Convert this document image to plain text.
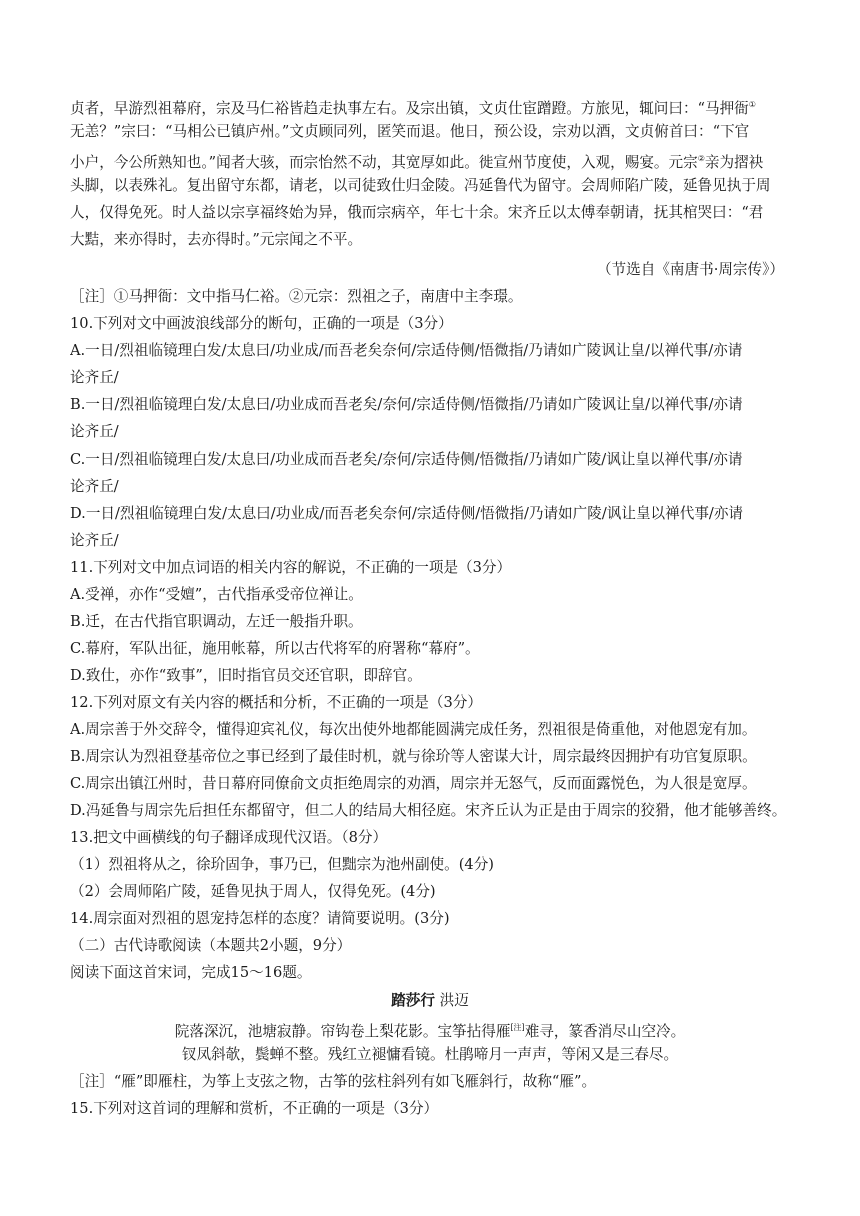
贞者，早游烈祖幕府，宗及马仁裕皆趋走执事左右。及宗出镇，文贞仕宦蹭蹬。方旅见，辄问曰：“马押衙①
无恙？”宗曰：“马相公已镇庐州。”文贞顾同列，匿笑而退。他日，预公设，宗劝以酒，文贞俯首曰：“下官
小户，今公所熟知也。”闻者大骇，而宗怡然不动，其宽厚如此。徙宣州节度使，入观，赐宴。元宗②亲为摺袂
头脚，以表殊礼。复出留守东都，请老，以司徒致仕归金陵。冯延鲁代为留守。会周师陷广陵，延鲁见执于周
人，仅得免死。时人益以宗享福终始为异，俄而宗病卒，年七十余。宋齐丘以太傅奉朝请，抚其棺哭曰：“君
大黠，来亦得时，去亦得时。”元宗闻之不平。
（节选自《南唐书·周宗传》）
［注］①马押衙：文中指马仁裕。②元宗：烈祖之子，南唐中主李璟。
10.下列对文中画波浪线部分的断句，正确的一项是（3分）
A.一日/烈祖临镜理白发/太息曰/功业成/而吾老矣奈何/宗适侍侧/悟微指/乃请如广陵讽让皇/以禅代事/亦请
论齐丘/
B.一日/烈祖临镜理白发/太息曰/功业成而吾老矣/奈何/宗适侍侧/悟微指/乃请如广陵讽让皇/以禅代事/亦请
论齐丘/
C.一日/烈祖临镜理白发/太息曰/功业成而吾老矣/奈何/宗适侍侧/悟微指/乃请如广陵/讽让皇以禅代事/亦请
论齐丘/
D.一日/烈祖临镜理白发/太息曰/功业成/而吾老矣奈何/宗适侍侧/悟微指/乃请如广陵/讽让皇以禅代事/亦请
论齐丘/
11.下列对文中加点词语的相关内容的解说，不正确的一项是（3分）
A.受禅，亦作“受嬗”，古代指承受帝位禅让。
B.迁，在古代指官职调动，左迁一般指升职。
C.幕府，军队出征，施用帐幕，所以古代将军的府署称“幕府”。
D.致仕，亦作“致事”，旧时指官员交还官职，即辞官。
12.下列对原文有关内容的概括和分析，不正确的一项是（3分）
A.周宗善于外交辞令，懂得迎宾礼仪，每次出使外地都能圆满完成任务，烈祖很是倚重他，对他恩宠有加。
B.周宗认为烈祖登基帝位之事已经到了最佳时机，就与徐玠等人密谋大计，周宗最终因拥护有功官复原职。
C.周宗出镇江州时，昔日幕府同僚俞文贞拒绝周宗的劝酒，周宗并无怒气，反而面露悦色，为人很是宽厚。
D.冯延鲁与周宗先后担任东都留守，但二人的结局大相径庭。宋齐丘认为正是由于周宗的狡猾，他才能够善终。
13.把文中画横线的句子翻译成现代汉语。（8分）
（1）烈祖将从之，徐玠固争，事乃已，但黜宗为池州副使。(4分)
（2）会周师陷广陵，延鲁见执于周人，仅得免死。(4分)
14.周宗面对烈祖的恩宠持怎样的态度？请简要说明。(3分)
（二）古代诗歌阅读（本题共2小题，9分）
阅读下面这首宋词，完成15～16题。
踏莎行 洪迈
院落深沉，池塘寂静。帘钩卷上梨花影。宝筝拈得雁[注]难寻，篆香消尽山空冷。
钗凤斜欹，鬓蝉不整。残红立褪慵看镜。杜鹃啼月一声声，等闲又是三春尽。
［注］“雁”即雁柱，为筝上支弦之物，古筝的弦柱斜列有如飞雁斜行，故称“雁”。
15.下列对这首词的理解和赏析，不正确的一项是（3分）
